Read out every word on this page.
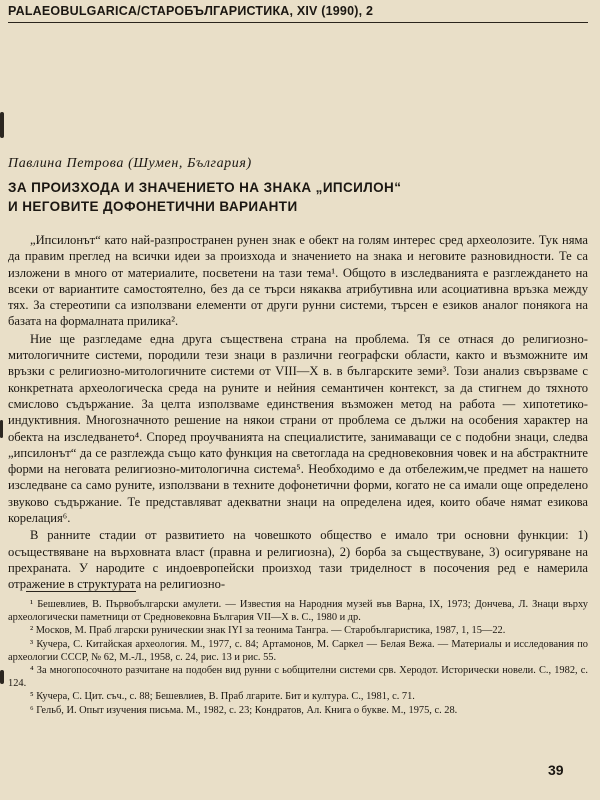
PALAEOBULGARICA/СТАРОБЪЛГАРИСТИКА, XIV (1990), 2
Павлина Петрова (Шумен, България)
ЗА ПРОИЗХОДА И ЗНАЧЕНИЕТО НА ЗНАКА „ИПСИЛОН“
И НЕГОВИТЕ ДОФОНЕТИЧНИ ВАРИАНТИ

„Ипсилонът“ като най-разпространен рунен знак е обект на голям интерес сред археолозите. Тук няма да правим преглед на всички идеи за произхода и значението на знака и неговите разновидности. Те са изложени в много от материалите, посветени на тази тема¹. Общото в изследванията е разглеждането на всеки от вариантите самостоятелно, без да се търси някаква атрибутивна или асоциативна връзка между тях. За стереотипи са използвани елементи от други рунни системи, търсен е езиков аналог понякога на базата на формалната прилика².

Ние ще разгледаме една друга съществена страна на проблема. Тя се отнася до религиозно-митологичните системи, породили тези знаци в различни географски области, както и възможните им връзки с религиозно-митологичните системи от VIII—X в. в българските земи³. Този анализ свързваме с конкретната археологическа среда на руните и нейния семантичен контекст, за да стигнем до тяхното смислово съдържание. За целта използваме единствения възможен метод на работа — хипотетико-индуктивния. Многозначното решение на някои страни от проблема се дължи на особения характер на обекта на изследването⁴. Според проучванията на специалистите, занимаващи се с подобни знаци, следва „ипсилонът“ да се разглежда също като функция на светоглада на средновековния човек и на абстрактните форми на неговата религиозно-митологична система⁵. Необходимо е да отбележим,че предмет на нашето изследване са само руните, използвани в техните дофонетични форми, когато не са имали още определено звуково съдържание. Те представляват адекватни знаци на определена идея, които обаче нямат езикова корелация⁶.

В ранните стадии от развитието на човешкото общество е имало три основни функции: 1) осъществяване на върховната власт (правна и религиозна), 2) борба за съществуване, 3) осигуряване на прехраната. У народите с индоевропейски произход тази триделност в посочения ред е намерила отражение в структурата на религиозно-

¹ Бешевлиев, В. Първобългарски амулети. — Известия на Народния музей във Варна, IX, 1973; Дончева, Л. Знаци върху археологически паметници от Средновековна България VII—X в. С., 1980 и др.

² Москов, М. Праб лгарски руническии знак IYI за теонима Тангра. — Старобългаристика, 1987, 1, 15—22.

³ Кучера, С. Китайская археология. М., 1977, с. 84; Артамонов, М. Саркел — Белая Вежа. — Материалы и исследования по археологии СССР, № 62, М.-Л., 1958, с. 24, рис. 13 и рис. 55.

⁴ За многопосочното разчитане на подобен вид рунни с ьобщителни системи срв. Херодот. Исторически новели. С., 1982, с. 124.

⁵ Кучера, С. Цит. съч., с. 88; Бешевлиев, В. Праб лгарите. Бит и култура. С., 1981, с. 71.

⁶ Гельб, И. Опыт изучения письма. М., 1982, с. 23; Кондратов, Ал. Книга о букве. М., 1975, с. 28.

39
